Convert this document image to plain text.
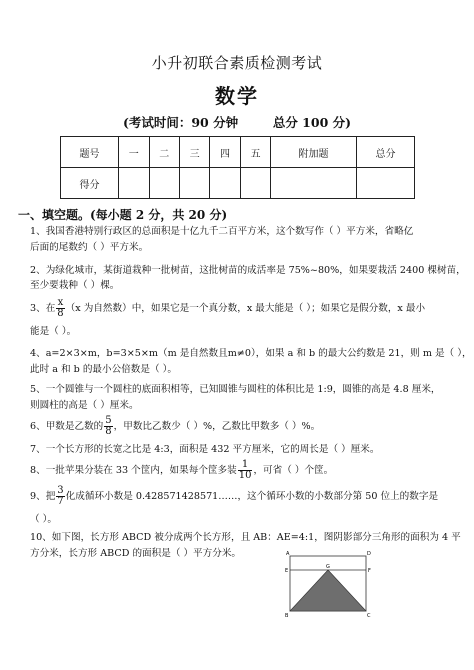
小升初联合素质检测考试
数学
(考试时间：90 分钟	总分 100 分)
题号	一	二	三	四	五	附加题	总分
得分							
一、填空题。(每小题 2 分，共 20 分)
1、我国香港特别行政区的总面积是十亿九千二百平方米，这个数写作（ ）平方米，省略亿
后面的尾数约（ ）平方米。
2、为绿化城市，某街道栽种一批树苗，这批树苗的成活率是 75%~80%，如果要栽活 2400 棵树苗，
至少要栽种（ ）棵。
3、在 $\frac{x}{8} (x$ 为自然数）中，如果它是一个真分数，x 最大能是（ ）；如果它是假分数，x 最小
能是（ ）。
4、a=2×3×m，b=3×5×m（m 是自然数且m≠0），如果 a 和 b 的最大公约数是 21，则 m 是（ ），
此时 a 和 b 的最小公倍数是（ ）。
5、一个圆锥与一个圆柱的底面积相等，已知圆锥与圆柱的体积比是 1:9，圆锥的高是 4.8 厘米，
则圆柱的高是（ ）厘米。
6、甲数是乙数的 $\frac{5}{8}$ ，甲数比乙数少（ ）%，乙数比甲数多（ ）%。
7、一个长方形的长宽之比是 4:3，面积是 432 平方厘米，它的周长是（ ）厘米。
8、一批苹果分装在 33 个筐内，如果每个筐多装 $\frac{1}{10}$ ，可省（ ）个筐。
9、把 $\frac{3}{7}$ 化成循环小数是 0.428571428571……，这个循环小数的小数部分第 50 位上的数字是
（ ）。
10、如下图，长方形 ABCD 被分成两个长方形，且 AB：AE=4:1，图阴影部分三角形的面积为 4 平
方分米，长方形 ABCD 的面积是（ ）平方分米。	A	D
E	F
B
G
C
